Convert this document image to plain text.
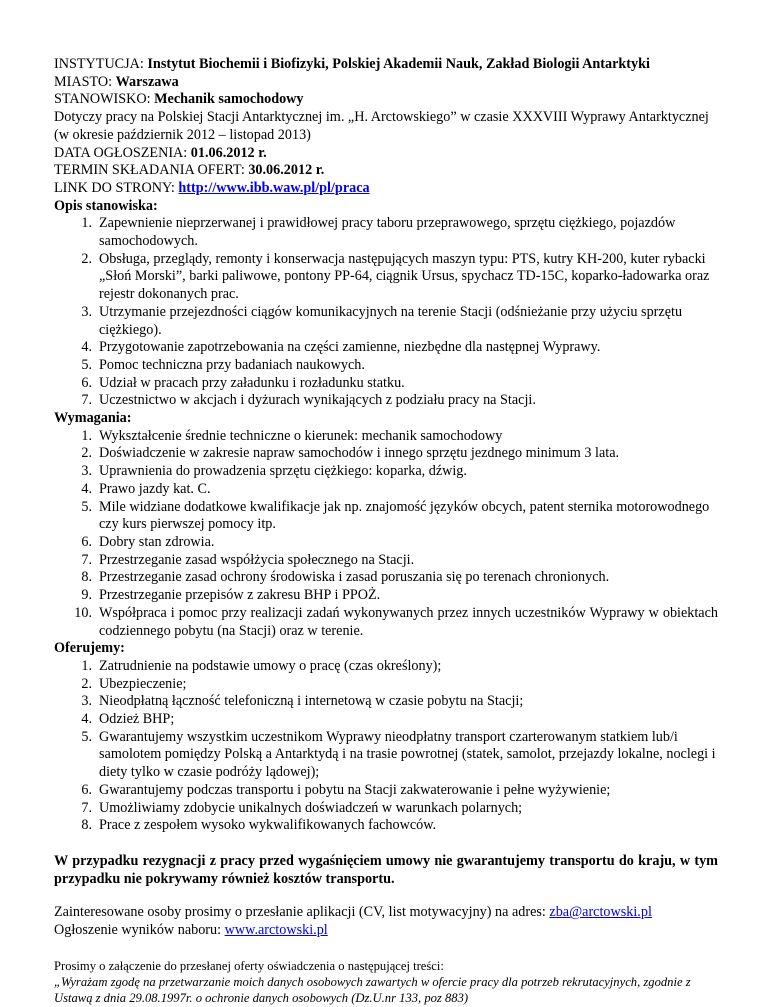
INSTYTUCJA: Instytut Biochemii i Biofizyki, Polskiej Akademii Nauk, Zakład Biologii Antarktyki

MIASTO: Warszawa

STANOWISKO: Mechanik samochodowy

Dotyczy pracy na Polskiej Stacji Antarktycznej im. „H. Arctowskiego” w czasie XXXVIII Wyprawy Antarktycznej (w okresie październik 2012 – listopad 2013)

DATA OGŁOSZENIA: 01.06.2012 r.

TERMIN SKŁADANIA OFERT: 30.06.2012 r.

LINK DO STRONY: http://www.ibb.waw.pl/pl/praca

Opis stanowiska:

1. Zapewnienie nieprzerwanej i prawidłowej pracy taboru przeprawowego, sprzętu ciężkiego, pojazdów samochodowych.
2. Obsługa, przeglądy, remonty i konserwacja następujących maszyn typu: PTS, kutry KH-200, kuter rybacki „Słoń Morski”, barki paliwowe, pontony PP-64, ciągnik Ursus, spychacz TD-15C, koparko-ładowarka oraz rejestr dokonanych prac.
3. Utrzymanie przejezdności ciągów komunikacyjnych na terenie Stacji (odśnieżanie przy użyciu sprzętu ciężkiego).
4. Przygotowanie zapotrzebowania na części zamienne, niezbędne dla następnej Wyprawy.
5. Pomoc techniczna przy badaniach naukowych.
6. Udział w pracach przy załadunku i rozładunku statku.
7. Uczestnictwo w akcjach i dyżurach wynikających z podziału pracy na Stacji.

Wymagania:

1. Wykształcenie średnie techniczne o kierunek: mechanik samochodowy
2. Doświadczenie w zakresie napraw samochodów i innego sprzętu jezdnego minimum 3 lata.
3. Uprawnienia do prowadzenia sprzętu ciężkiego: koparka, dźwig.
4. Prawo jazdy kat. C.
5. Mile widziane dodatkowe kwalifikacje jak np. znajomość języków obcych, patent sternika motorowodnego czy kurs pierwszej pomocy itp.
6. Dobry stan zdrowia.
7. Przestrzeganie zasad współżycia społecznego na Stacji.
8. Przestrzeganie zasad ochrony środowiska i zasad poruszania się po terenach chronionych.
9. Przestrzeganie przepisów z zakresu BHP i PPOŻ.
10. Współpraca i pomoc przy realizacji zadań wykonywanych przez innych uczestników Wyprawy w obiektach codziennego pobytu (na Stacji) oraz w terenie.

Oferujemy:

1. Zatrudnienie na podstawie umowy o pracę (czas określony);
2. Ubezpieczenie;
3. Nieodpłatną łączność telefoniczną i internetową w czasie pobytu na Stacji;
4. Odzież BHP;
5. Gwarantujemy wszystkim uczestnikom Wyprawy nieodpłatny transport czarterowanym statkiem lub/i samolotem pomiędzy Polską a Antarktydą i na trasie powrotnej (statek, samolot, przejazdy lokalne, noclegi i diety tylko w czasie podróży lądowej);
6. Gwarantujemy podczas transportu i pobytu na Stacji zakwaterowanie i pełne wyżywienie;
7. Umożliwiamy zdobycie unikalnych doświadczeń w warunkach polarnych;
8. Prace z zespołem wysoko wykwalifikowanych fachowców.

W przypadku rezygnacji z pracy przed wygaśnięciem umowy nie gwarantujemy transportu do kraju, w tym przypadku nie pokrywamy również kosztów transportu.

Zainteresowane osoby prosimy o przesłanie aplikacji (CV, list motywacyjny) na adres: zba@arctowski.pl

Ogłoszenie wyników naboru: www.arctowski.pl

Prosimy o załączenie do przesłanej oferty oświadczenia o następującej treści:

„Wyrażam zgodę na przetwarzanie moich danych osobowych zawartych w ofercie pracy dla potrzeb rekrutacyjnych, zgodnie z Ustawą z dnia 29.08.1997r. o ochronie danych osobowych (Dz.U.nr 133, poz 883)
